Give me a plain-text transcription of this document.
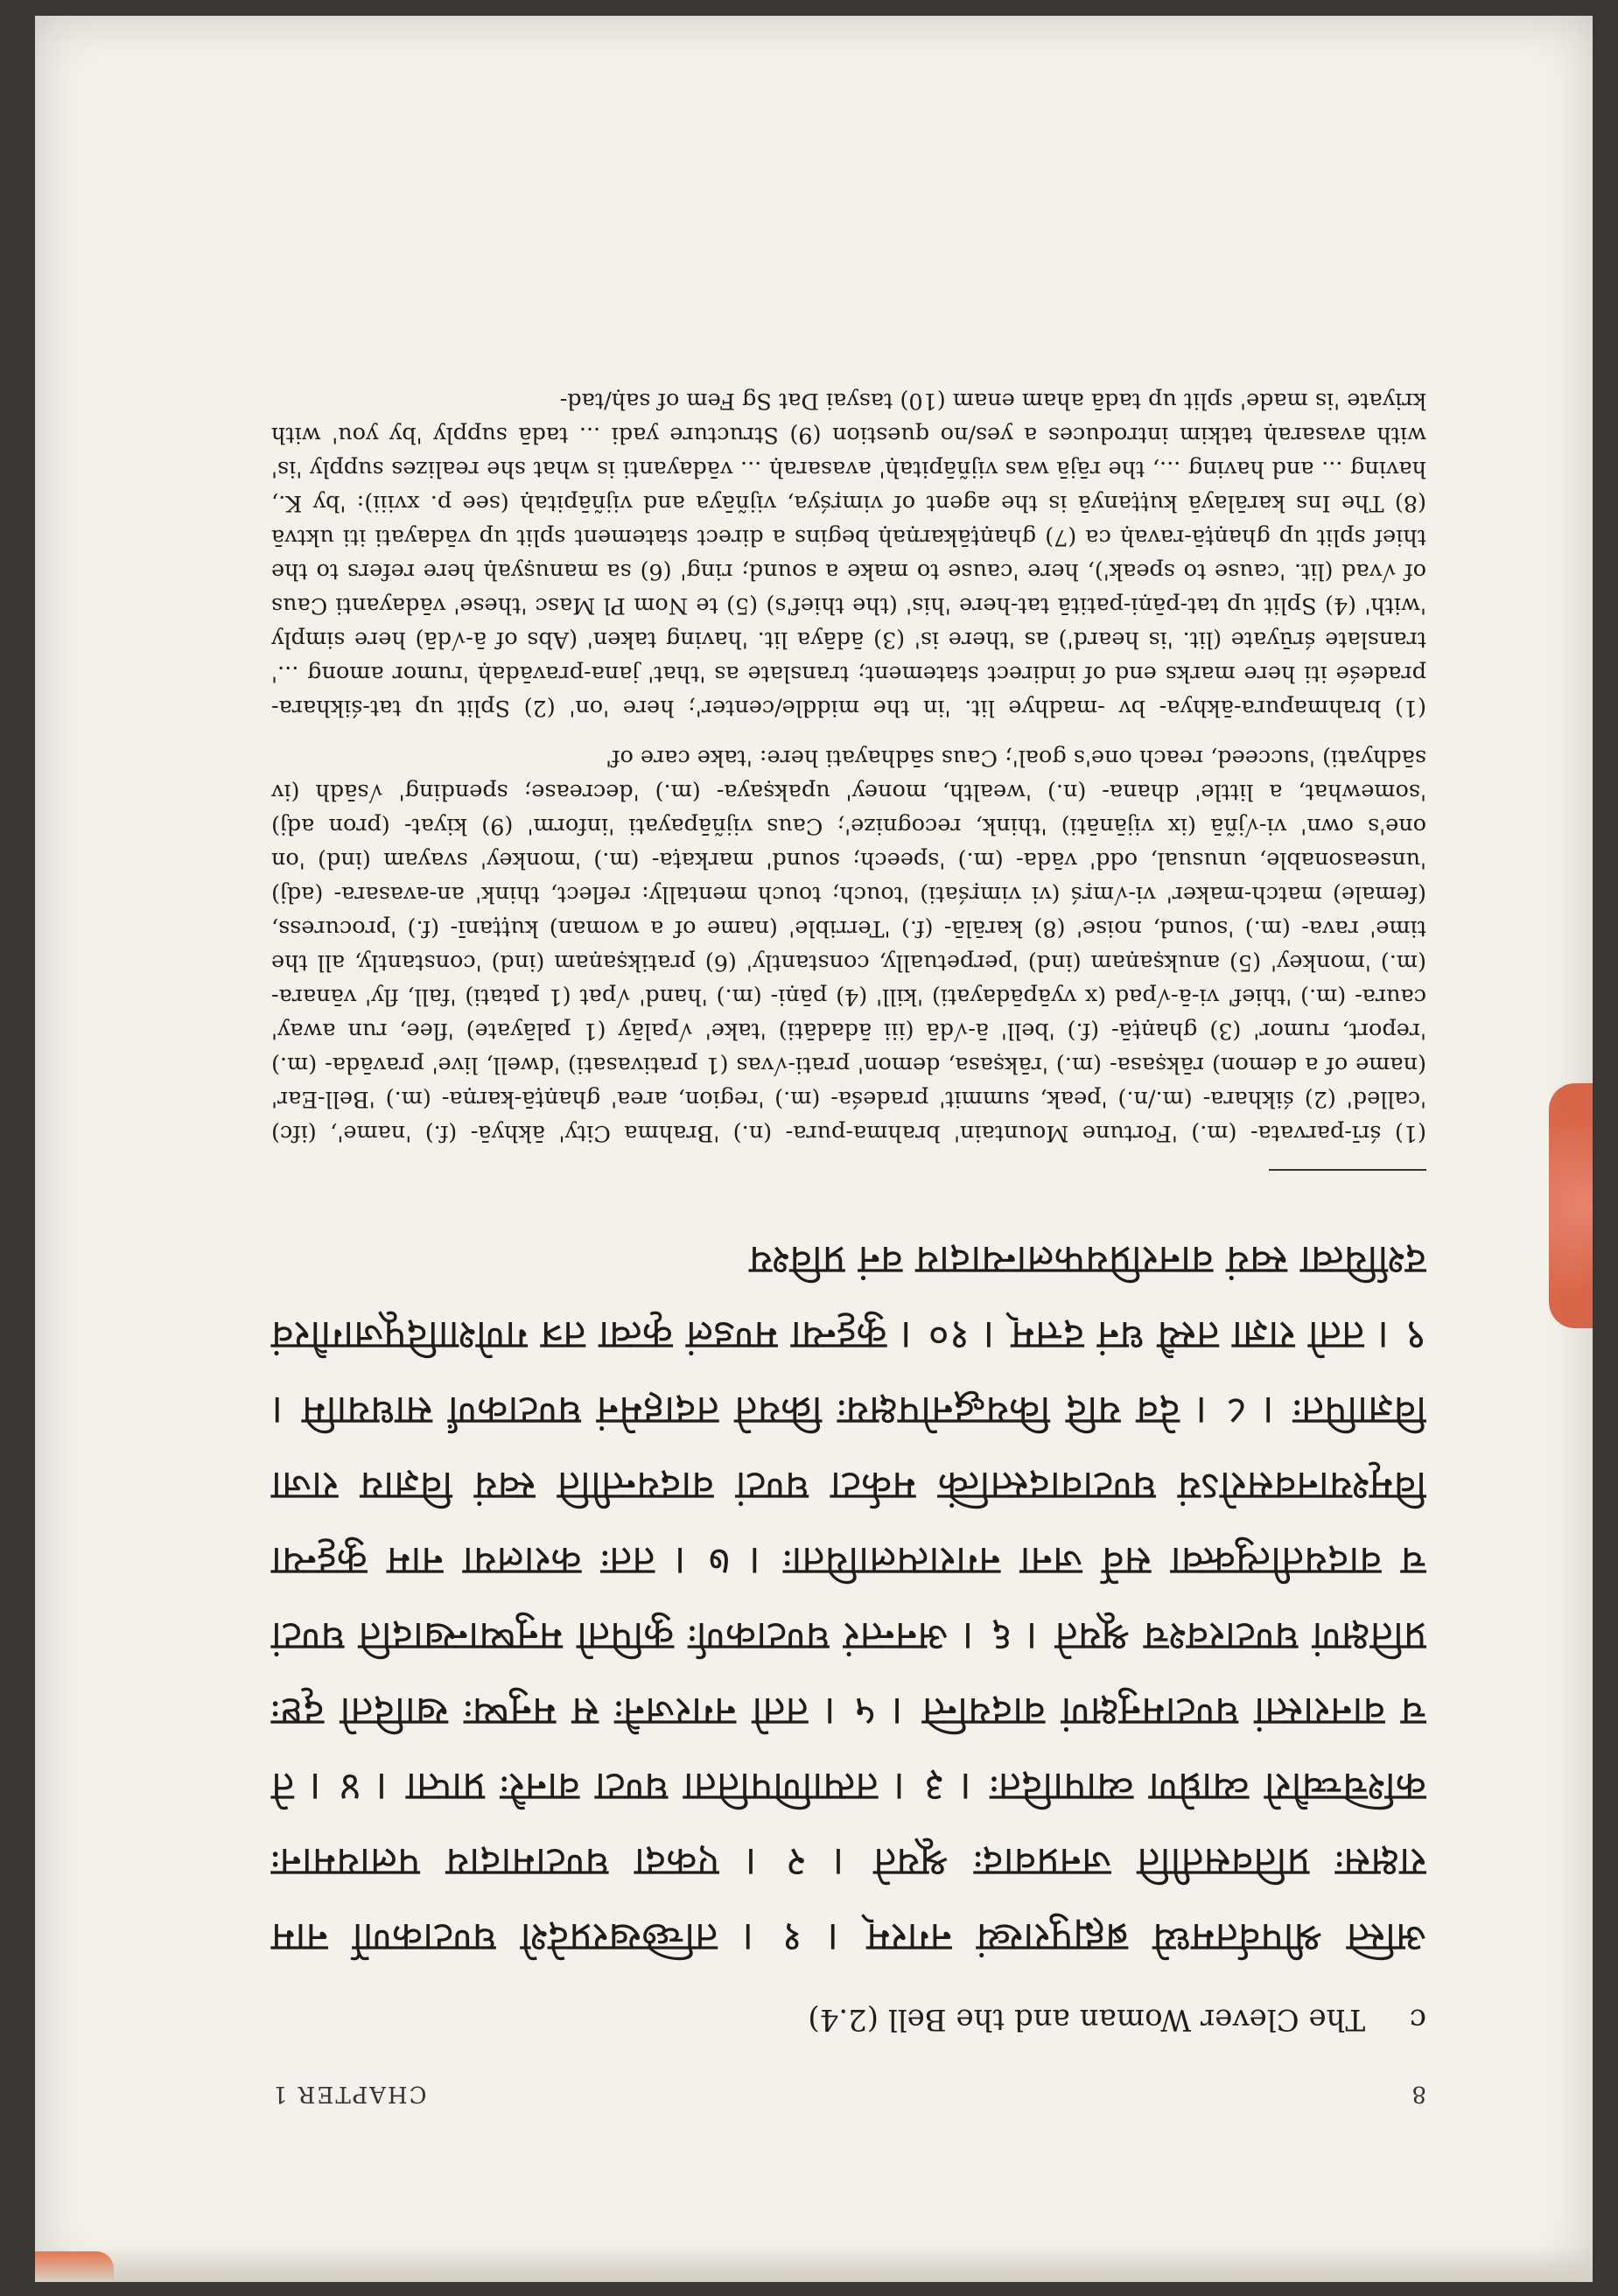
8
CHAPTER 1
c The Clever Woman and the Bell (2.4)

अस्ति श्रीपर्वतमध्ये ब्रह्मपुराख्यं नगरम् । १ । तच्छिखरप्रदेशे घण्टाकर्णो नाम राक्षसः प्रतिवसतीति जनप्रवादः श्रूयते । २ । एकदा घण्टामादाय पलायमानः कश्चिच्चौरो व्याघ्रेण व्यापादितः । ३ । तत्पाणिपतिता घण्टा वानरैः प्राप्ता । ४ । ते च वानरास्तां घण्टामनुक्षणं वादयन्ति । ५ । ततो नगरजनैः स मनुष्यः खादितो दृष्टः प्रतिक्षणं घण्टारवश्च श्रूयते । ६ । अनन्तरं घण्टाकर्णः कुपितो मनुष्यान्खादति घण्टां च वादयतीत्युक्त्वा सर्वे जना नगरात्पलायिताः । ७ । ततः करालया नाम कुट्टन्या विमृश्यानवसरोऽयं घण्टावादस्तत्किं मर्कटा घण्टां वादयन्तीति स्वयं विज्ञाय राजा विज्ञापितः । ८ । देव यदि कियद्धनोपक्षयः क्रियते तदाहमेनं घण्टाकर्णं साधयामि । ९ । ततो राज्ञा तस्यै धनं दत्तम् । १० । कुट्टन्या मण्डलं कृत्वा तत्र गणेशादिपूजागौरवं दर्शयित्वा स्वयं वानरप्रियफलान्यादाय वनं प्रविश्य

(1) śrī-parvata- (m.) 'Fortune Mountain' brahma-pura- (n.) 'Brahma City' ākhyā- (f.) 'name', (ifc) 'called' (2) śikhara- (m./n.) 'peak, summit' pradeśa- (m.) 'region, area' ghaṇṭā-karṇa- (m.) 'Bell-Ear' (name of a demon) rākṣasa- (m.) 'rākṣasa, demon' prati-√vas (1 prativasati) 'dwell, live' pravāda- (m.) 'report, rumor' (3) ghaṇṭā- (f.) 'bell' ā-√dā (iii ādadāti) 'take' √palāy (1 palāyate) 'flee, run away' caura- (m.) 'thief' vi-ā-√pad (x vyāpādayati) 'kill' (4) pāṇi- (m.) 'hand' √pat (1 patati) 'fall, fly' vānara- (m.) 'monkey' (5) anukṣaṇam (ind) 'perpetually, constantly' (6) pratikṣaṇam (ind) 'constantly, all the time' rava- (m.) 'sound, noise' (8) karālā- (f.) 'Terrible' (name of a woman) kuṭṭanī- (f.) 'procuress, (female) match-maker' vi-√mṛś (vi vimṛśati) 'touch; touch mentally: reflect, think' an-avasara- (adj) 'unseasonable, unusual, odd' vāda- (m.) 'speech; sound' markaṭa- (m.) 'monkey' svayam (ind) 'on one's own' vi-√jñā (ix vijānāti) 'think, recognize'; Caus vijñāpayati 'inform' (9) kiyat- (pron adj) 'somewhat, a little' dhana- (n.) 'wealth, money' upakṣaya- (m.) 'decrease; spending' √sādh (iv sādhyati) 'succeed, reach one's goal'; Caus sādhayati here: 'take care of'

(1) brahmapura-ākhya- bv -madhye lit. 'in the middle/center'; here 'on' (2) Split up tat-śikhara-pradeśe iti here marks end of indirect statement; translate as 'that' jana-pravādaḥ 'rumor among ...' translate śrūyate (lit. 'is heard') as 'there is' (3) ādāya lit. 'having taken' (Abs of ā-√dā) here simply 'with' (4) Split up tat-pāṇi-patitā tat-here 'his' (the thief's) (5) te Nom Pl Masc 'these' vādayanti Caus of √vad (lit. 'cause to speak'), here 'cause to make a sound; ring' (6) sa manuṣyaḥ here refers to the thief split up ghaṇṭā-ravaḥ ca (7) ghaṇṭākarṇaḥ begins a direct statement split up vādayati iti uktvā (8) The Ins karālayā kuṭṭanyā is the agent of vimṛśya, vijñāya and vijñāpitaḥ (see p. xviii): 'by K., having ... and having ..., the rājā was vijñāpitaḥ' avasaraḥ ... vādayanti is what she realizes supply 'is' with avasaraḥ tatkim introduces a yes/no question (9) Structure yadi ... tadā supply 'by you' with kriyate 'is made' split up tadā aham enam (10) tasyai Dat Sg Fem of saḥ/tad-
